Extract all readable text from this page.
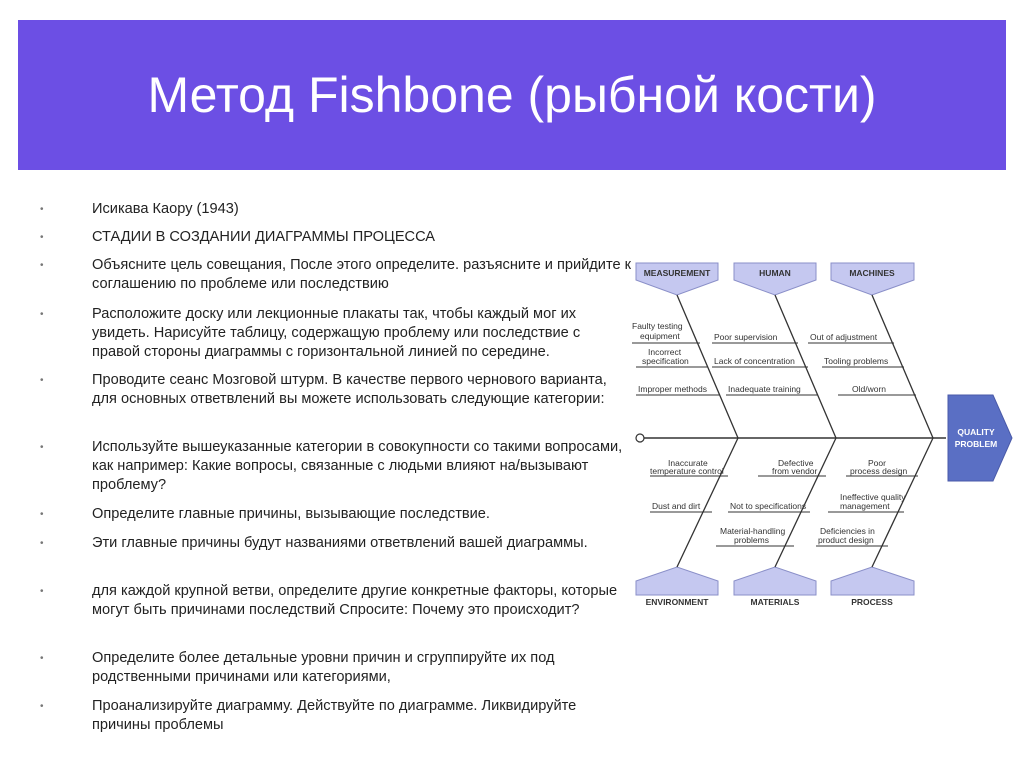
Метод Fishbone (рыбной кости)
•	Исикава Каору (1943)
•	СТАДИИ В СОЗДАНИИ ДИАГРАММЫ ПРОЦЕССА
•	Объясните цель совещания, После этого определите. разъясните и прийдите к соглашению по проблеме или последствию
•	Расположите доску или лекционные плакаты так, чтобы каждый мог их увидеть. Нарисуйте таблицу, содержащую проблему или последствие с правой стороны диаграммы с горизонтальной линией по середине.
•	Проводите сеанс Мозговой штурм. В качестве первого чернового варианта, для основных ответвлений вы можете использовать следующие категории:
•	Используйте вышеуказанные категории в совокупности со такими вопросами, как например: Какие вопросы, связанные с людьми влияют на/вызывают проблему?
•	Определите главные причины, вызывающие последствие.
•	Эти главные причины будут названиями ответвлений вашей диаграммы.
•	для каждой крупной ветви, определите другие конкретные факторы, которые могут быть причинами последствий Спросите: Почему это происходит?
•	Определите более детальные уровни причин и сгруппируйте их под родственными причинами или категориями,
•	Проанализируйте диаграмму. Действуйте по диаграмме. Ликвидируйте причины проблемы
QUALITY
PROBLEM
MEASUREMENT	HUMAN	MACHINES
ENVIRONMENT	MATERIALS	PROCESS
Faulty testing
equipment
Incorrect
specification
Improper methods
Poor supervision
Lack of concentration
Inadequate training
Out of adjustment
Tooling problems
Old/worn
Inaccurate
temperature control
Dust and dirt
Defective
from vendor
Not to specifications
Material-handling
problems
Poor
process design
Ineffective quality
management
Deficiencies in
product design
